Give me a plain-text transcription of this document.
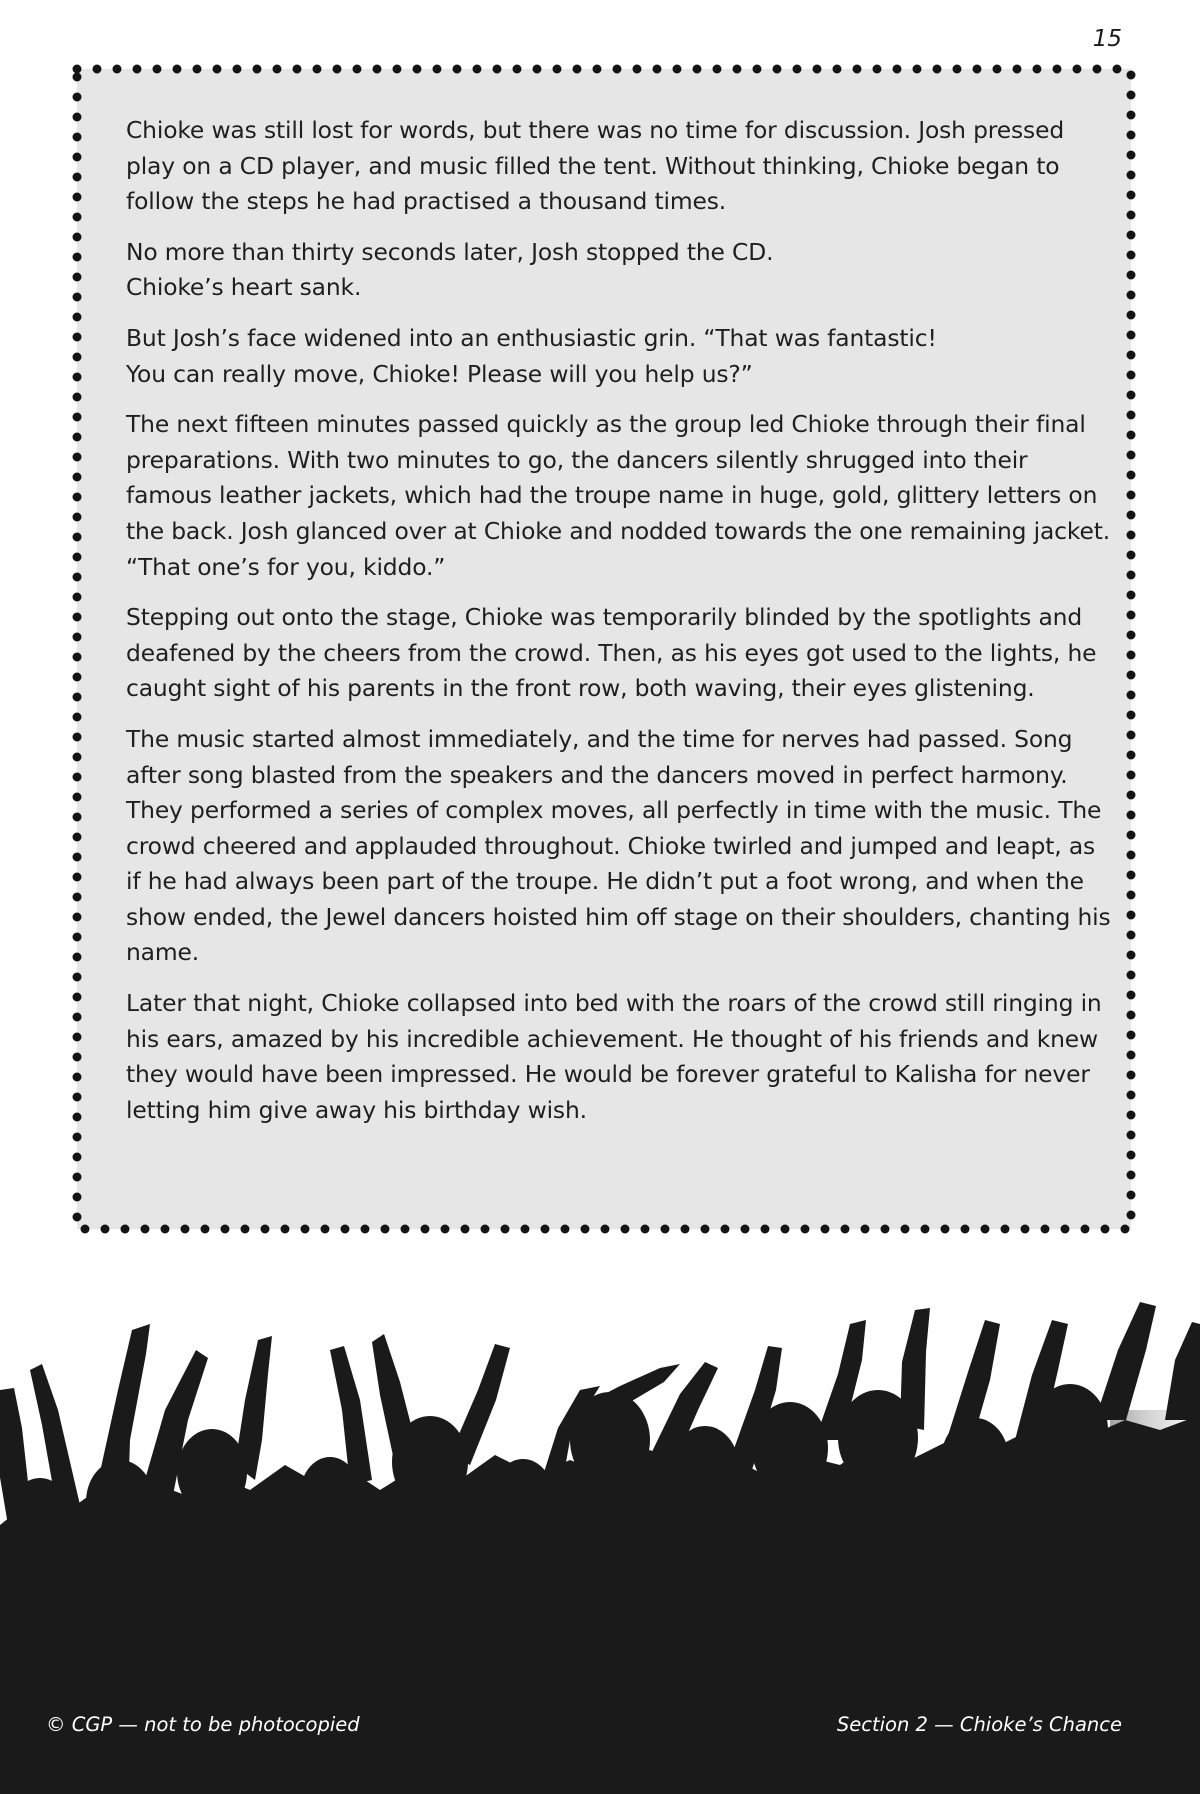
15

Chioke was still lost for words, but there was no time for discussion. Josh pressed play on a CD player, and music filled the tent. Without thinking, Chioke began to follow the steps he had practised a thousand times.

No more than thirty seconds later, Josh stopped the CD.
Chioke’s heart sank.

But Josh’s face widened into an enthusiastic grin. “That was fantastic!
You can really move, Chioke! Please will you help us?”

The next fifteen minutes passed quickly as the group led Chioke through their final preparations. With two minutes to go, the dancers silently shrugged into their famous leather jackets, which had the troupe name in huge, gold, glittery letters on the back. Josh glanced over at Chioke and nodded towards the one remaining jacket. “That one’s for you, kiddo.”

Stepping out onto the stage, Chioke was temporarily blinded by the spotlights and deafened by the cheers from the crowd. Then, as his eyes got used to the lights, he caught sight of his parents in the front row, both waving, their eyes glistening.

The music started almost immediately, and the time for nerves had passed. Song after song blasted from the speakers and the dancers moved in perfect harmony. They performed a series of complex moves, all perfectly in time with the music. The crowd cheered and applauded throughout. Chioke twirled and jumped and leapt, as if he had always been part of the troupe. He didn’t put a foot wrong, and when the show ended, the Jewel dancers hoisted him off stage on their shoulders, chanting his name.

Later that night, Chioke collapsed into bed with the roars of the crowd still ringing in his ears, amazed by his incredible achievement. He thought of his friends and knew they would have been impressed. He would be forever grateful to Kalisha for never letting him give away his birthday wish.

© CGP — not to be photocopied	Section 2 — Chioke’s Chance
